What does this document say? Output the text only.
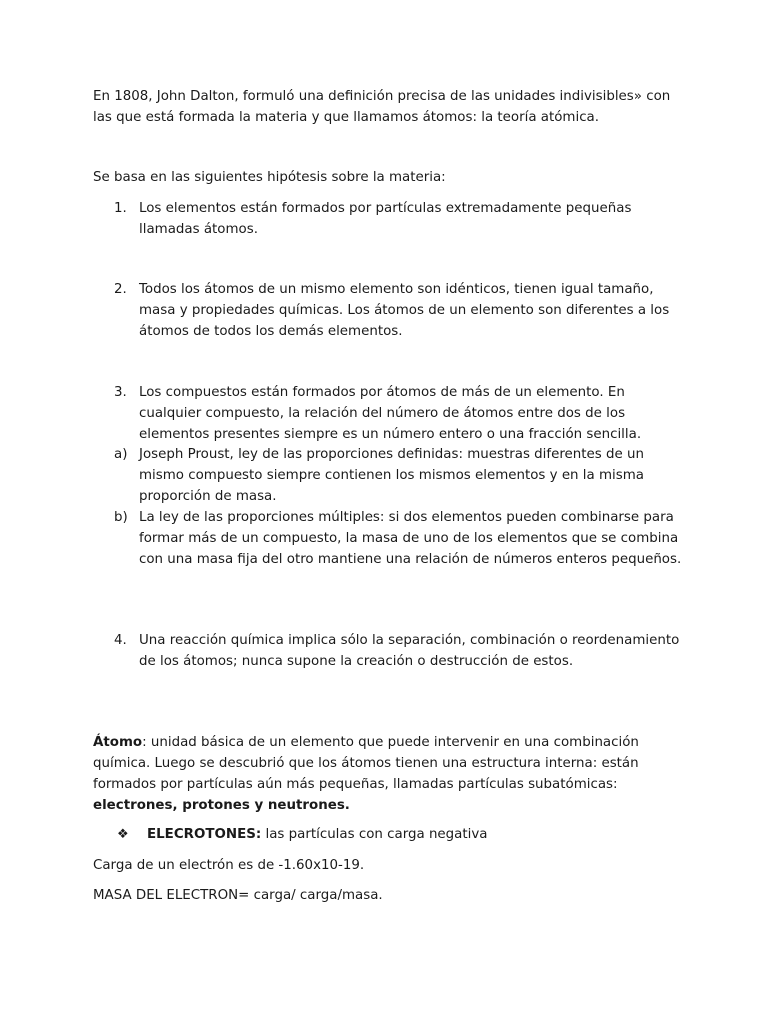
En 1808, John Dalton, formuló una definición precisa de las unidades indivisibles» con las que está formada la materia y que llamamos átomos: la teoría atómica.

Se basa en las siguientes hipótesis sobre la materia:

1. Los elementos están formados por partículas extremadamente pequeñas llamadas átomos.
2. Todos los átomos de un mismo elemento son idénticos, tienen igual tamaño, masa y propiedades químicas. Los átomos de un elemento son diferentes a los átomos de todos los demás elementos.
3. Los compuestos están formados por átomos de más de un elemento. En cualquier compuesto, la relación del número de átomos entre dos de los elementos presentes siempre es un número entero o una fracción sencilla.
a) Joseph Proust, ley de las proporciones definidas: muestras diferentes de un mismo compuesto siempre contienen los mismos elementos y en la misma proporción de masa.
b) La ley de las proporciones múltiples: si dos elementos pueden combinarse para formar más de un compuesto, la masa de uno de los elementos que se combina con una masa fija del otro mantiene una relación de números enteros pequeños.
4. Una reacción química implica sólo la separación, combinación o reordenamiento de los átomos; nunca supone la creación o destrucción de estos.

Átomo: unidad básica de un elemento que puede intervenir en una combinación química. Luego se descubrió que los átomos tienen una estructura interna: están formados por partículas aún más pequeñas, llamadas partículas subatómicas: electrones, protones y neutrones.

❖ ELECROTONES: las partículas con carga negativa

Carga de un electrón es de -1.60x10-19.

MASA DEL ELECTRON= carga/ carga/masa.
